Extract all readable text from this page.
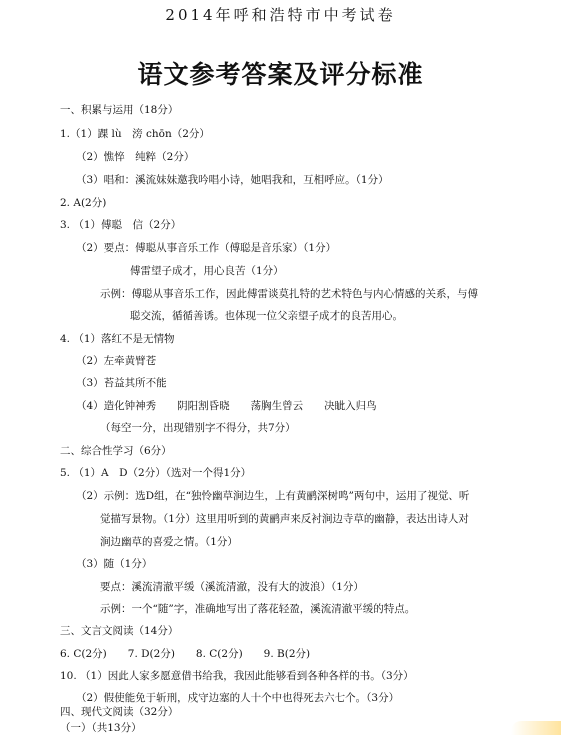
2014年呼和浩特市中考试卷
语文参考答案及评分标准
一、积累与运用（18分）
1.（1）踝 lù　滂 chōn（2分）
（2）憔悴　纯粹（2分）
（3）唱和：溪流妹妹邀我吟唱小诗，她唱我和，互相呼应。（1分）
2. A(2分)
3. （1）傅聪　信（2分）
（2）要点：傅聪从事音乐工作（傅聪是音乐家）（1分）
傅雷望子成才，用心良苦（1分）
示例：傅聪从事音乐工作，因此傅雷谈莫扎特的艺术特色与内心情感的关系，与傅
聪交流，循循善诱。也体现一位父亲望子成才的良苦用心。
4. （1）落红不是无情物
（2）左牵黄臂苍
（3）苔益其所不能
（4）造化钟神秀　　阴阳割昏晓　　荡胸生曾云　　决眦入归鸟
（每空一分，出现错别字不得分，共7分）
二、综合性学习（6分）
5. （1）A　D（2分）（选对一个得1分）
（2）示例：选D组，在“独怜幽草涧边生，上有黄鹂深树鸣”两句中，运用了视觉、听
觉描写景物。（1分）这里用听到的黄鹂声来反衬涧边寺草的幽静，表达出诗人对
涧边幽草的喜爱之情。（1分）
（3）随（1分）
要点：溪流清澈平缓（溪流清澈，没有大的波浪）（1分）
示例：一个“随”字，准确地写出了落花轻盈，溪流清澈平缓的特点。
三、文言文阅读（14分）
6. C(2分)　　7. D(2分)　　8. C(2分)　　9. B(2分)
10. （1）因此人家多愿意借书给我，我因此能够看到各种各样的书。（3分）
（2）假使能免于斩刑，戍守边塞的人十个中也得死去六七个。（3分）
四、现代文阅读（32分）
（一）（共13分）
